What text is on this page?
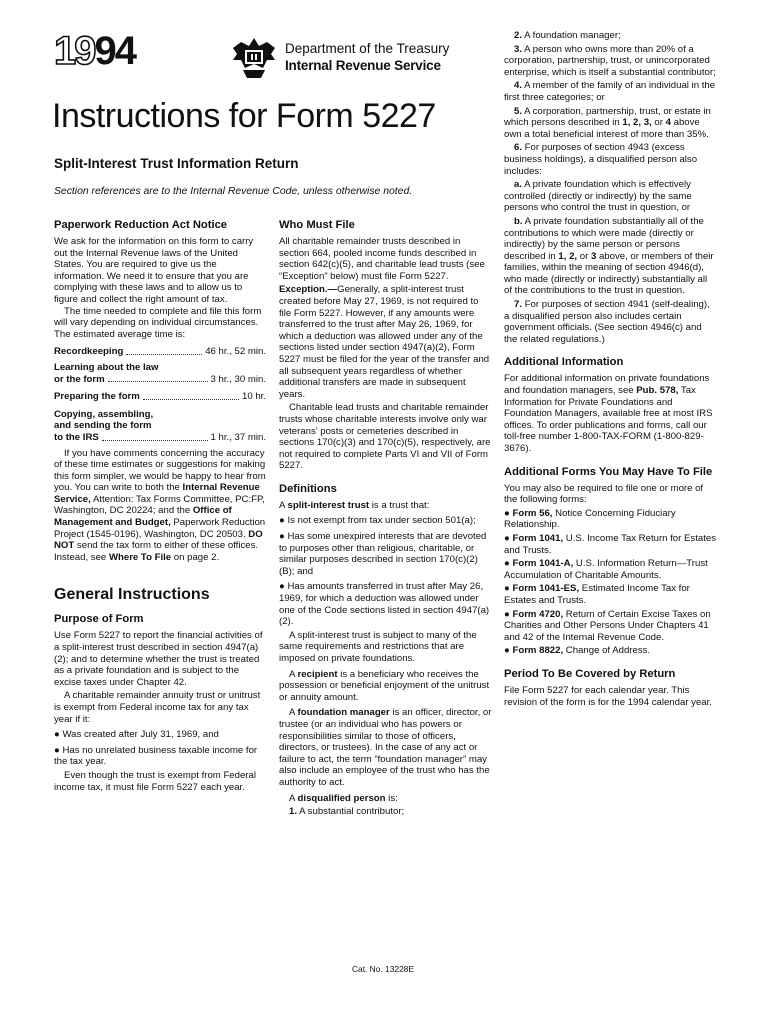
1994	Department of the Treasury
Internal Revenue Service
Instructions for Form 5227
Split-Interest Trust Information Return
Section references are to the Internal Revenue Code, unless otherwise noted.
Paperwork Reduction Act Notice

We ask for the information on this form to carry out the Internal Revenue laws of the United States. You are required to give us the information. We need it to ensure that you are complying with these laws and to allow us to figure and collect the right amount of tax.

The time needed to complete and file this form will vary depending on individual circumstances. The estimated average time is:

Recordkeeping	46 hr., 52 min.
Learning about the law
or the form	3 hr., 30 min.
Preparing the form	10 hr.
Copying, assembling,
and sending the form
to the IRS	1 hr., 37 min.

If you have comments concerning the accuracy of these time estimates or suggestions for making this form simpler, we would be happy to hear from you. You can write to both the Internal Revenue Service, Attention: Tax Forms Committee, PC:FP, Washington, DC 20224; and the Office of Management and Budget, Paperwork Reduction Project (1545-0196), Washington, DC 20503. DO NOT send the tax form to either of these offices. Instead, see Where To File on page 2.

General Instructions
Purpose of Form

Use Form 5227 to report the financial activities of a split-interest trust described in section 4947(a)(2); and to determine whether the trust is treated as a private foundation and is subject to the excise taxes under Chapter 42.

A charitable remainder annuity trust or unitrust is exempt from Federal income tax for any tax year if it:

● Was created after July 31, 1969, and

● Has no unrelated business taxable income for the tax year.

Even though the trust is exempt from Federal income tax, it must file Form 5227 each year.

Who Must File

All charitable remainder trusts described in section 664, pooled income funds described in section 642(c)(5), and charitable lead trusts (see “Exception” below) must file Form 5227.

Exception.—Generally, a split-interest trust created before May 27, 1969, is not required to file Form 5227. However, if any amounts were transferred to the trust after May 26, 1969, for which a deduction was allowed under any of the sections listed under section 4947(a)(2), Form 5227 must be filed for the year of the transfer and all subsequent years regardless of whether additional transfers are made in subsequent years.

Charitable lead trusts and charitable remainder trusts whose charitable interests involve only war veterans’ posts or cemeteries described in sections 170(c)(3) and 170(c)(5), respectively, are not required to complete Parts VI and VII of Form 5227.

Definitions

A split-interest trust is a trust that:

● Is not exempt from tax under section 501(a);

● Has some unexpired interests that are devoted to purposes other than religious, charitable, or similar purposes described in section 170(c)(2)(B); and

● Has amounts transferred in trust after May 26, 1969, for which a deduction was allowed under one of the Code sections listed in section 4947(a)(2).

A split-interest trust is subject to many of the same requirements and restrictions that are imposed on private foundations.

A recipient is a beneficiary who receives the possession or beneficial enjoyment of the unitrust or annuity amount.

A foundation manager is an officer, director, or trustee (or an individual who has powers or responsibilities similar to those of officers, directors, or trustees). In the case of any act or failure to act, the term “foundation manager” may also include an employee of the trust who has the authority to act.

A disqualified person is:

1. A substantial contributor;

Cat. No. 13228E

2. A foundation manager;

3. A person who owns more than 20% of a corporation, partnership, trust, or unincorporated enterprise, which is itself a substantial contributor;

4. A member of the family of an individual in the first three categories; or

5. A corporation, partnership, trust, or estate in which persons described in 1, 2, 3, or 4 above own a total beneficial interest of more than 35%.

6. For purposes of section 4943 (excess business holdings), a disqualified person also includes:

a. A private foundation which is effectively controlled (directly or indirectly) by the same persons who control the trust in question, or

b. A private foundation substantially all of the contributions to which were made (directly or indirectly) by the same person or persons described in 1, 2, or 3 above, or members of their families, within the meaning of section 4946(d), who made (directly or indirectly) substantially all of the contributions to the trust in question.

7. For purposes of section 4941 (self-dealing), a disqualified person also includes certain government officials. (See section 4946(c) and the related regulations.)

Additional Information

For additional information on private foundations and foundation managers, see Pub. 578, Tax Information for Private Foundations and Foundation Managers, available free at most IRS offices. To order publications and forms, call our toll-free number 1-800-TAX-FORM (1-800-829-3676).

Additional Forms You May Have To File

You may also be required to file one or more of the following forms:

● Form 56, Notice Concerning Fiduciary Relationship.

● Form 1041, U.S. Income Tax Return for Estates and Trusts.

● Form 1041-A, U.S. Information Return—Trust Accumulation of Charitable Amounts.

● Form 1041-ES, Estimated Income Tax for Estates and Trusts.

● Form 4720, Return of Certain Excise Taxes on Charities and Other Persons Under Chapters 41 and 42 of the Internal Revenue Code.

● Form 8822, Change of Address.

Period To Be Covered by Return

File Form 5227 for each calendar year. This revision of the form is for the 1994 calendar year.
